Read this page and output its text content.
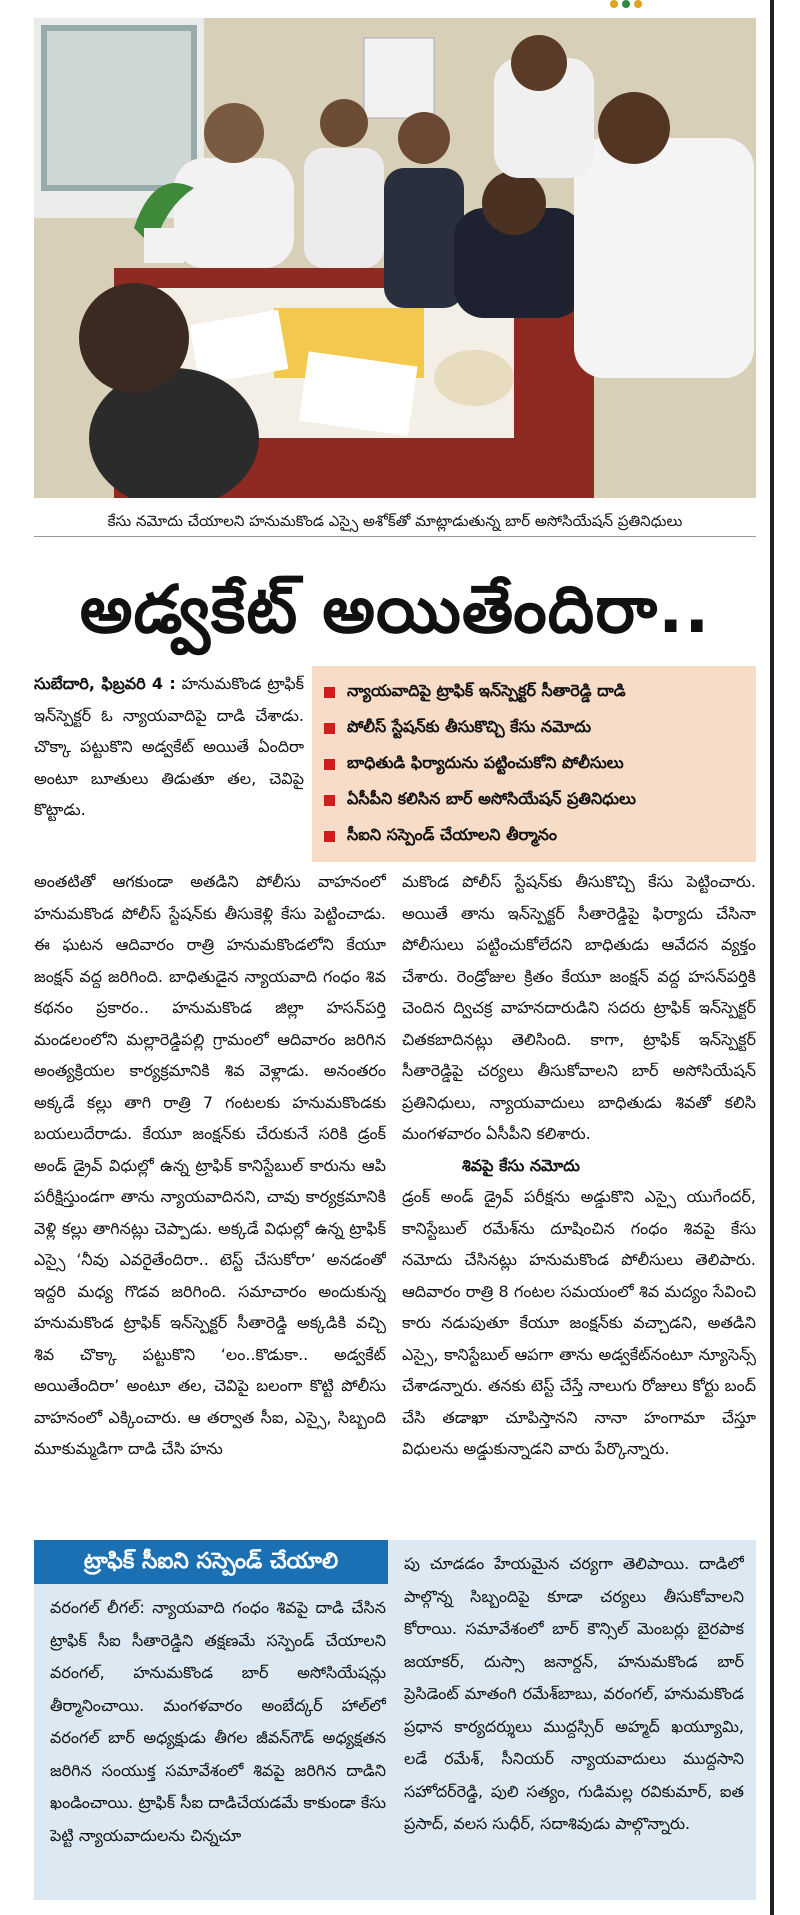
కేసు నమోదు చేయాలని హనుమకొండ ఎస్సై అశోక్‌తో మాట్లాడుతున్న బార్ అసోసియేషన్ ప్రతినిధులు
అడ్వకేట్ అయితేందిరా..

సుబేదారి, ఫిబ్రవరి 4 : హనుమకొండ ట్రాఫిక్ ఇన్‌స్పెక్టర్ ఓ న్యాయవాదిపై దాడి చేశాడు. చొక్కా పట్టుకొని అడ్వకేట్ అయితే ఏందిరా అంటూ బూతులు తిడుతూ తల, చెవిపై కొట్టాడు.

న్యాయవాదిపై ట్రాఫిక్ ఇన్‌స్పెక్టర్ సీతారెడ్డి దాడి
పోలీస్ స్టేషన్‌కు తీసుకొచ్చి కేసు నమోదు
బాధితుడి ఫిర్యాదును పట్టించుకోని పోలీసులు
ఏసీపీని కలిసిన బార్ అసోసియేషన్ ప్రతినిధులు
సీఐని సస్పెండ్ చేయాలని తీర్మానం

అంతటితో ఆగకుండా అతడిని పోలీసు వాహనంలో హనుమకొండ పోలీస్ స్టేషన్‌కు తీసుకెళ్లి కేసు పెట్టించాడు. ఈ ఘటన ఆదివారం రాత్రి హనుమకొండలోని కేయూ జంక్షన్ వద్ద జరిగింది. బాధితుడైన న్యాయవాది గంధం శివ కథనం ప్రకారం.. హనుమకొండ జిల్లా హసన్‌పర్తి మండలంలోని మల్లారెడ్డిపల్లి గ్రామంలో ఆదివారం జరిగిన అంత్యక్రియల కార్యక్రమానికి శివ వెళ్లాడు. అనంతరం అక్కడే కల్లు తాగి రాత్రి 7 గంటలకు హనుమకొండకు బయలుదేరాడు. కేయూ జంక్షన్‌కు చేరుకునే సరికి డ్రంక్ అండ్ డ్రైవ్ విధుల్లో ఉన్న ట్రాఫిక్ కానిస్టేబుల్ కారును ఆపి పరీక్షిస్తుండగా తాను న్యాయవాదినని, చావు కార్యక్రమానికి వెళ్లి కల్లు తాగినట్లు చెప్పాడు. అక్కడే విధుల్లో ఉన్న ట్రాఫిక్ ఎస్సై ‘నీవు ఎవరైతేందిరా.. టెస్ట్ చేసుకోరా’ అనడంతో ఇద్దరి మధ్య గొడవ జరిగింది. సమాచారం అందుకున్న హనుమకొండ ట్రాఫిక్ ఇన్‌స్పెక్టర్ సీతారెడ్డి అక్కడికి వచ్చి శివ చొక్కా పట్టుకొని ‘లం..కొడుకా.. అడ్వకేట్ అయితేందిరా’ అంటూ తల, చెవిపై బలంగా కొట్టి పోలీసు వాహనంలో ఎక్కించారు. ఆ తర్వాత సీఐ, ఎస్సై, సిబ్బంది మూకుమ్మడిగా దాడి చేసి హను

మకొండ పోలీస్ స్టేషన్‌కు తీసుకొచ్చి కేసు పెట్టించారు. అయితే తాను ఇన్‌స్పెక్టర్ సీతారెడ్డిపై ఫిర్యాదు చేసినా పోలీసులు పట్టించుకోలేదని బాధితుడు ఆవేదన వ్యక్తం చేశారు. రెండ్రోజుల క్రితం కేయూ జంక్షన్ వద్ద హసన్‌పర్తికి చెందిన ద్విచక్ర వాహనదారుడిని సదరు ట్రాఫిక్ ఇన్‌స్పెక్టర్ చితకబాదినట్లు తెలిసింది. కాగా, ట్రాఫిక్ ఇన్‌స్పెక్టర్ సీతారెడ్డిపై చర్యలు తీసుకోవాలని బార్ అసోసియేషన్ ప్రతినిధులు, న్యాయవాదులు బాధితుడు శివతో కలిసి మంగళవారం ఏసీపీని కలిశారు.

శివపై కేసు నమోదు

డ్రంక్ అండ్ డ్రైవ్ పరీక్షను అడ్డుకొని ఎస్సై యుగేందర్, కానిస్టేబుల్ రమేశ్‌ను దూషించిన గంధం శివపై కేసు నమోదు చేసినట్లు హనుమకొండ పోలీసులు తెలిపారు. ఆదివారం రాత్రి 8 గంటల సమయంలో శివ మద్యం సేవించి కారు నడుపుతూ కేయూ జంక్షన్‌కు వచ్చాడని, అతడిని ఎస్సై, కానిస్టేబుల్ ఆపగా తాను అడ్వకేట్‌నంటూ న్యూసెన్స్ చేశాడన్నారు. తనకు టెస్ట్ చేస్తే నాలుగు రోజులు కోర్టు బంద్ చేసి తడాఖా చూపిస్తానని నానా హంగామా చేస్తూ విధులను అడ్డుకున్నాడని వారు పేర్కొన్నారు.

ట్రాఫిక్ సీఐని సస్పెండ్ చేయాలి

వరంగల్ లీగల్: న్యాయవాది గంధం శివపై దాడి చేసిన ట్రాఫిక్ సీఐ సీతారెడ్డిని తక్షణమే సస్పెండ్ చేయాలని వరంగల్, హనుమకొండ బార్ అసోసియేషన్లు తీర్మానించాయి. మంగళవారం అంబేద్కర్ హాల్‌లో వరంగల్ బార్ అధ్యక్షుడు తీగల జీవన్‌గౌడ్ అధ్యక్షతన జరిగిన సంయుక్త సమావేశంలో శివపై జరిగిన దాడిని ఖండించాయి. ట్రాఫిక్ సీఐ దాడిచేయడమే కాకుండా కేసు పెట్టి న్యాయవాదులను చిన్నచూ

పు చూడడం హేయమైన చర్యగా తెలిపాయి. దాడిలో పాల్గొన్న సిబ్బందిపై కూడా చర్యలు తీసుకోవాలని కోరాయి. సమావేశంలో బార్ కౌన్సిల్ మెంబర్లు బైరపాక జయాకర్, దుస్సా జనార్దన్, హనుమకొండ బార్ ప్రెసిడెంట్ మాతంగి రమేశ్‌బాబు, వరంగల్, హనుమకొండ ప్రధాన కార్యదర్శులు ముద్దస్సిర్ అహ్మద్ ఖయ్యూమి, లడే రమేశ్, సీనియర్ న్యాయవాదులు ముద్దసాని సహోదర్‌రెడ్డి, పులి సత్యం, గుడిమల్ల రవికుమార్, ఐత ప్రసాద్, వలస సుధీర్, సదాశివుడు పాల్గొన్నారు.
